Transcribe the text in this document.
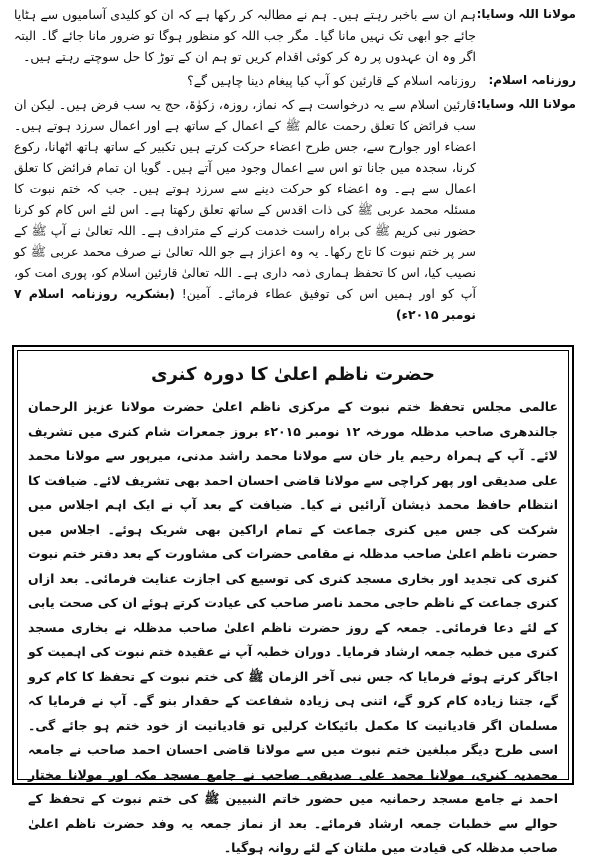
مولانا اللہ وسایا:
ہم ان سے باخبر رہتے ہیں۔ ہم نے مطالبہ کر رکھا ہے کہ ان کو کلیدی آسامیوں سے ہٹایا جائے جو ابھی تک نہیں مانا گیا۔ مگر جب اللہ کو منظور ہوگا تو ضرور مانا جائے گا۔ البتہ اگر وہ ان عہدوں پر رہ کر کوئی اقدام کریں تو ہم ان کے توڑ کا حل سوچتے رہتے ہیں۔
روزنامہ اسلام:
روزنامہ اسلام کے قارئین کو آپ کیا پیغام دینا چاہیں گے؟
مولانا اللہ وسایا:
قارئین اسلام سے یہ درخواست ہے کہ نماز، روزہ، زکوٰۃ، حج یہ سب فرض ہیں۔ لیکن ان سب فرائض کا تعلق رحمت عالم ﷺ کے اعمال کے ساتھ ہے اور اعمال سرزد ہوتے ہیں۔ اعضاء اور جوارح سے، جس طرح اعضاء حرکت کرتے ہیں تکبیر کے ساتھ ہاتھ اٹھانا، رکوع کرنا، سجدہ میں جانا تو اس سے اعمال وجود میں آتے ہیں۔ گویا ان تمام فرائض کا تعلق اعمال سے ہے۔ وہ اعضاء کو حرکت دینے سے سرزد ہوتے ہیں۔ جب کہ ختم نبوت کا مسئلہ محمد عربی ﷺ کی ذات اقدس کے ساتھ تعلق رکھتا ہے۔ اس لئے اس کام کو کرنا حضور نبی کریم ﷺ کی براہ راست خدمت کرنے کے مترادف ہے۔ اللہ تعالیٰ نے آپ ﷺ کے سر پر ختم نبوت کا تاج رکھا۔ یہ وہ اعزاز ہے جو اللہ تعالیٰ نے صرف محمد عربی ﷺ کو نصیب کیا، اس کا تحفظ ہماری ذمہ داری ہے۔ اللہ تعالیٰ قارئین اسلام کو، پوری امت کو، آپ کو اور ہمیں اس کی توفیق عطاء فرمائے۔ آمین! (بشکریہ روزنامہ اسلام ۷ نومبر ۲۰۱۵ء)
حضرت ناظم اعلیٰ کا دورہ کنری
عالمی مجلس تحفظ ختم نبوت کے مرکزی ناظم اعلیٰ حضرت مولانا عزیز الرحمان جالندھری صاحب مدظلہ مورخہ ۱۲ نومبر ۲۰۱۵ء بروز جمعرات شام کنری میں تشریف لائے۔ آپ کے ہمراہ رحیم یار خان سے مولانا محمد راشد مدنی، میرپور سے مولانا محمد علی صدیقی اور پھر کراچی سے مولانا قاضی احسان احمد بھی تشریف لائے۔ ضیافت کا انتظام حافظ محمد ذیشان آرائیں نے کیا۔ ضیافت کے بعد آپ نے ایک اہم اجلاس میں شرکت کی جس میں کنری جماعت کے تمام اراکین بھی شریک ہوئے۔ اجلاس میں حضرت ناظم اعلیٰ صاحب مدظلہ نے مقامی حضرات کی مشاورت کے بعد دفتر ختم نبوت کنری کی تجدید اور بخاری مسجد کنری کی توسیع کی اجازت عنایت فرمائی۔ بعد ازاں کنری جماعت کے ناظم حاجی محمد ناصر صاحب کی عیادت کرتے ہوئے ان کی صحت یابی کے لئے دعا فرمائی۔ جمعہ کے روز حضرت ناظم اعلیٰ صاحب مدظلہ نے بخاری مسجد کنری میں خطبہ جمعہ ارشاد فرمایا۔ دوران خطبہ آپ نے عقیدہ ختم نبوت کی اہمیت کو اجاگر کرتے ہوئے فرمایا کہ جس نبی آخر الزمان ﷺ کی ختم نبوت کے تحفظ کا کام کرو گے، جتنا زیادہ کام کرو گے، اتنی ہی زیادہ شفاعت کے حقدار بنو گے۔ آپ نے فرمایا کہ مسلمان اگر قادیانیت کا مکمل بائیکاٹ کرلیں تو قادیانیت از خود ختم ہو جائے گی۔ اسی طرح دیگر مبلغین ختم نبوت میں سے مولانا قاضی احسان احمد صاحب نے جامعہ محمدیہ کنری، مولانا محمد علی صدیقی صاحب نے جامع مسجد مکہ اور مولانا مختار احمد نے جامع مسجد رحمانیہ میں حضور خاتم النبیین ﷺ کی ختم نبوت کے تحفظ کے حوالے سے خطبات جمعہ ارشاد فرمائے۔ بعد از نماز جمعہ یہ وفد حضرت ناظم اعلیٰ صاحب مدظلہ کی قیادت میں ملتان کے لئے روانہ ہوگیا۔
